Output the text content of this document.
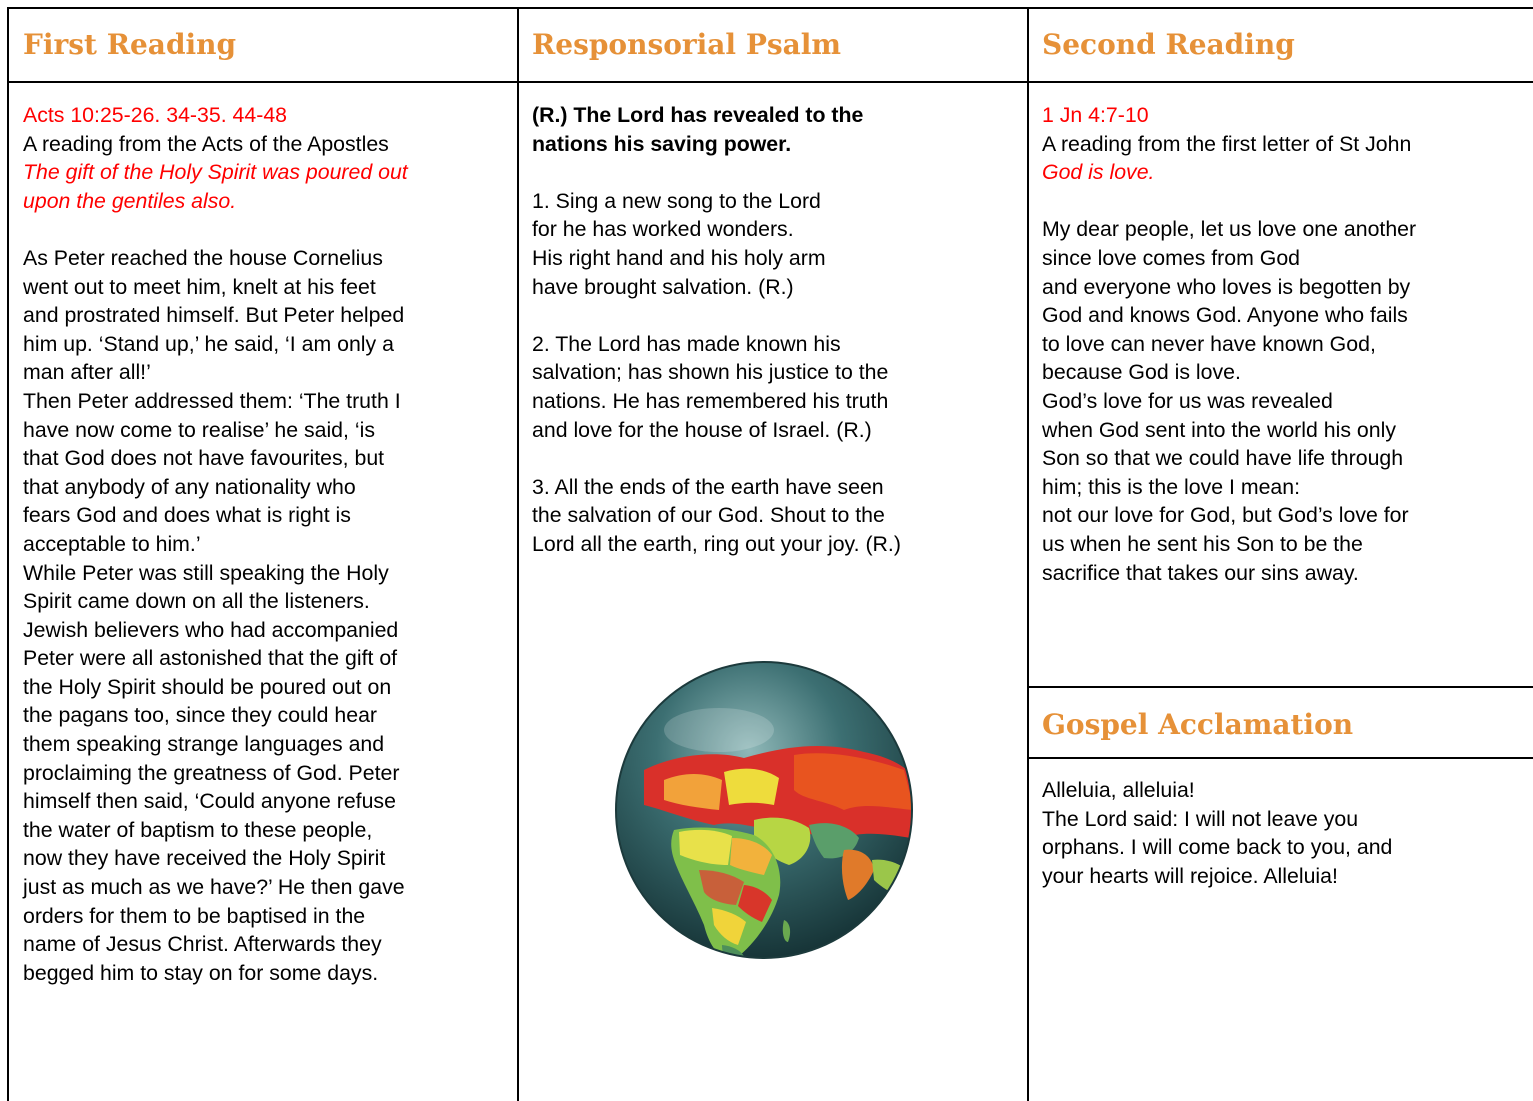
First Reading	Responsorial Psalm	Second Reading
Gospel Acclamation
Acts 10:25-26. 34-35. 44-48
A reading from the Acts of the Apostles
The gift of the Holy Spirit was poured out
upon the gentiles also.
As Peter reached the house Cornelius
went out to meet him, knelt at his feet
and prostrated himself. But Peter helped
him up. ‘Stand up,’ he said, ‘I am only a
man after all!’
Then Peter addressed them: ‘The truth I
have now come to realise’ he said, ‘is
that God does not have favourites, but
that anybody of any nationality who
fears God and does what is right is
acceptable to him.’
While Peter was still speaking the Holy
Spirit came down on all the listeners.
Jewish believers who had accompanied
Peter were all astonished that the gift of
the Holy Spirit should be poured out on
the pagans too, since they could hear
them speaking strange languages and
proclaiming the greatness of God. Peter
himself then said, ‘Could anyone refuse
the water of baptism to these people,
now they have received the Holy Spirit
just as much as we have?’ He then gave
orders for them to be baptised in the
name of Jesus Christ. Afterwards they
begged him to stay on for some days.
(R.) The Lord has revealed to the
nations his saving power.
1. Sing a new song to the Lord
for he has worked wonders.
His right hand and his holy arm
have brought salvation. (R.)
2. The Lord has made known his
salvation; has shown his justice to the
nations. He has remembered his truth
and love for the house of Israel. (R.)
3. All the ends of the earth have seen
the salvation of our God. Shout to the
Lord all the earth, ring out your joy. (R.)
1 Jn 4:7-10
A reading from the first letter of St John
God is love.
My dear people, let us love one another
since love comes from God
and everyone who loves is begotten by
God and knows God. Anyone who fails
to love can never have known God,
because God is love.
God’s love for us was revealed
when God sent into the world his only
Son so that we could have life through
him; this is the love I mean:
not our love for God, but God’s love for
us when he sent his Son to be the
sacrifice that takes our sins away.
Alleluia, alleluia!
The Lord said: I will not leave you
orphans. I will come back to you, and
your hearts will rejoice. Alleluia!
